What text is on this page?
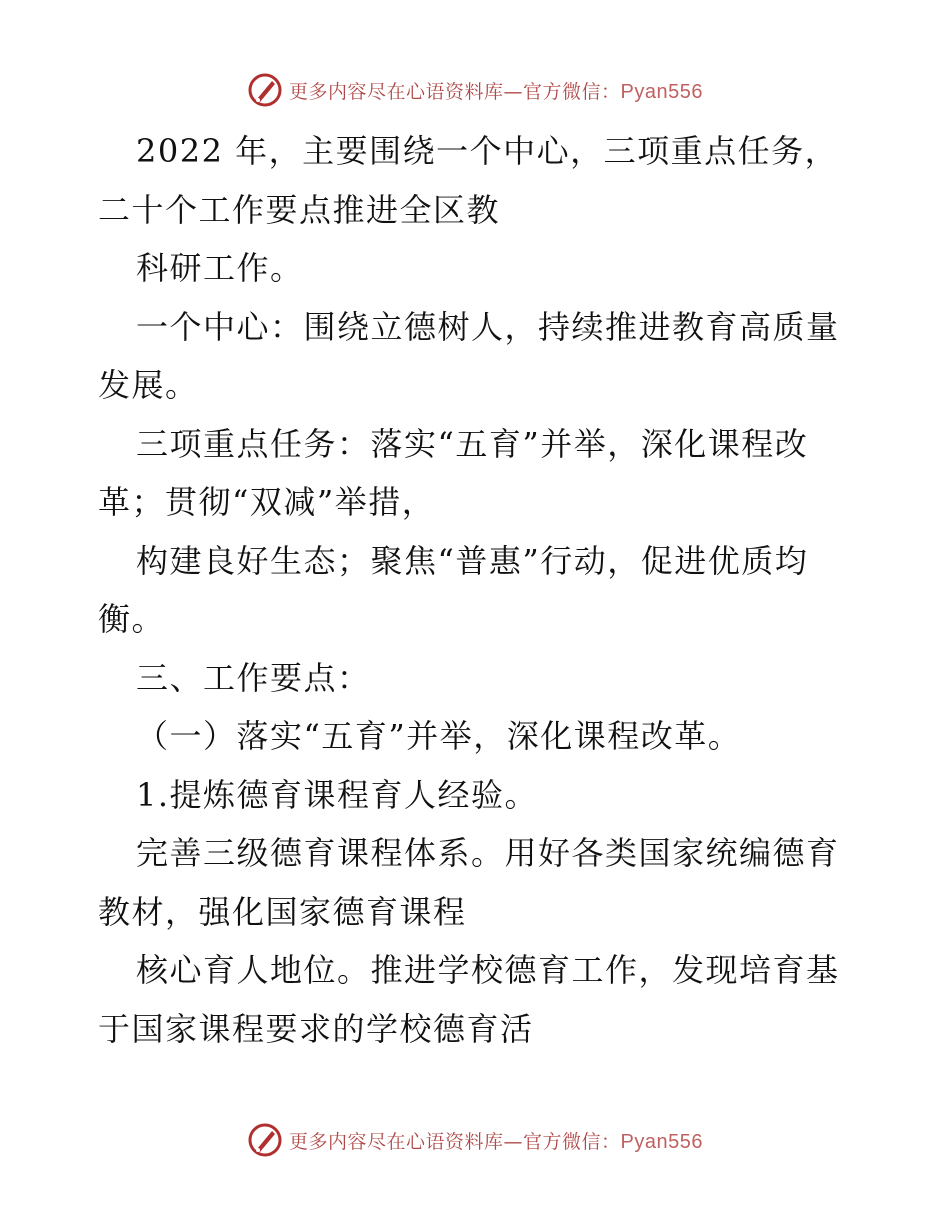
更多内容尽在心语资料库—官方微信：Pyan556
2022 年，主要围绕一个中心，三项重点任务，
二十个工作要点推进全区教
科研工作。
一个中心：围绕立德树人，持续推进教育高质量
发展。
三项重点任务：落实“五育”并举，深化课程改
革；贯彻“双减”举措，
构建良好生态；聚焦“普惠”行动，促进优质均
衡。
三、工作要点：
（一）落实“五育”并举，深化课程改革。
1.提炼德育课程育人经验。
完善三级德育课程体系。用好各类国家统编德育
教材，强化国家德育课程
核心育人地位。推进学校德育工作，发现培育基
于国家课程要求的学校德育活
更多内容尽在心语资料库—官方微信：Pyan556
